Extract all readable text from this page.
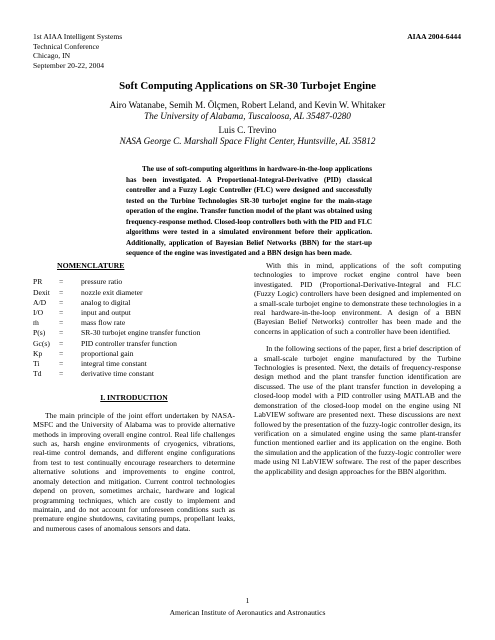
1st AIAA Intelligent Systems
Technical Conference
Chicago, IN
September 20-22, 2004
AIAA 2004-6444
Soft Computing Applications on SR-30 Turbojet Engine
Airo Watanabe, Semih M. Ölçmen, Robert Leland, and Kevin W. Whitaker
The University of Alabama, Tuscaloosa, AL 35487-0280
Luis C. Trevino
NASA George C. Marshall Space Flight Center, Huntsville, AL 35812
The use of soft-computing algorithms in hardware-in-the-loop applications has been investigated. A Proportional-Integral-Derivative (PID) classical controller and a Fuzzy Logic Controller (FLC) were designed and successfully tested on the Turbine Technologies SR-30 turbojet engine for the main-stage operation of the engine. Transfer function model of the plant was obtained using frequency-response method. Closed-loop controllers both with the PID and FLC algorithms were tested in a simulated environment before their application. Additionally, application of Bayesian Belief Networks (BBN) for the start-up sequence of the engine was investigated and a BBN design has been made.
NOMENCLATURE
PR	=	pressure ratio
Dexit	=	nozzle exit diameter
A/D	=	analog to digital
I/O	=	input and output
ṁ	=	mass flow rate
P(s)	=	SR-30 turbojet engine transfer function
Gc(s)	=	PID controller transfer function
Kp	=	proportional gain
Ti	=	integral time constant
Td	=	derivative time constant
I. INTRODUCTION

The main principle of the joint effort undertaken by NASA-MSFC and the University of Alabama was to provide alternative methods in improving overall engine control. Real life challenges such as, harsh engine environments of cryogenics, vibrations, real-time control demands, and different engine configurations from test to test continually encourage researchers to determine alternative solutions and improvements to engine control, anomaly detection and mitigation. Current control technologies depend on proven, sometimes archaic, hardware and logical programming techniques, which are costly to implement and maintain, and do not account for unforeseen conditions such as premature engine shutdowns, cavitating pumps, propellant leaks, and numerous cases of anomalous sensors and data.

With this in mind, applications of the soft computing technologies to improve rocket engine control have been investigated. PID (Proportional-Derivative-Integral and FLC (Fuzzy Logic) controllers have been designed and implemented on a small-scale turbojet engine to demonstrate these technologies in a real hardware-in-the-loop environment. A design of a BBN (Bayesian Belief Networks) controller has been made and the concerns in application of such a controller have been identified.

In the following sections of the paper, first a brief description of a small-scale turbojet engine manufactured by the Turbine Technologies is presented. Next, the details of frequency-response design method and the plant transfer function identification are discussed. The use of the plant transfer function in developing a closed-loop model with a PID controller using MATLAB and the demonstration of the closed-loop model on the engine using NI LabVIEW software are presented next. These discussions are next followed by the presentation of the fuzzy-logic controller design, its verification on a simulated engine using the same plant-transfer function mentioned earlier and its application on the engine. Both the simulation and the application of the fuzzy-logic controller were made using NI LabVIEW software. The rest of the paper describes the applicability and design approaches for the BBN algorithm.

1
American Institute of Aeronautics and Astronautics
